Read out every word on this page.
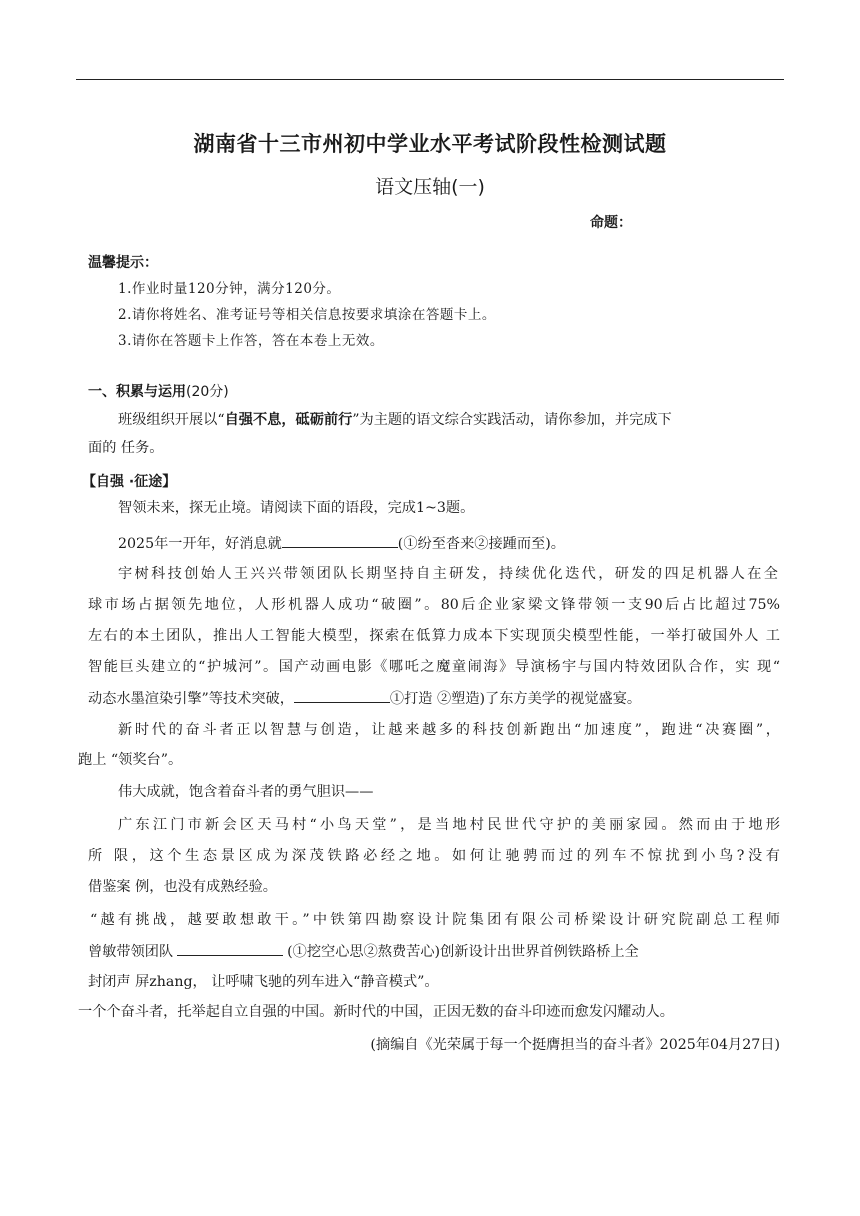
湖南省十三市州初中学业水平考试阶段性检测试题
语文压轴(一)
命题：
温馨提示：
1.作业时量120分钟，满分120分。
2.请你将姓名、准考证号等相关信息按要求填涂在答题卡上。
3.请你在答题卡上作答，答在本卷上无效。
一、积累与运用(20分)
班级组织开展以“自强不息，砥砺前行”为主题的语文综合实践活动，请你参加，并完成下
面的 任务。
【自强 ·征途】
智领未来，探无止境。请阅读下面的语段，完成1~3题。
2025年一开年，好消息就	(①纷至沓来②接踵而至)。
宇树科技创始人王兴兴带领团队长期坚持自主研发，持续优化迭代，研发的四足机器人在全
球市场占据领先地位，人形机器人成功“破圈”。80后企业家梁文锋带领一支90后占比超过75%
左右的本土团队，推出人工智能大模型，探索在低算力成本下实现顶尖模型性能，一举打破国外人 工
智能巨头建立的“护城河”。国产动画电影《哪吒之魔童闹海》导演杨宇与国内特效团队合作，实 现“
动态水墨渲染引擎”等技术突破，	①打造 ②塑造)了东方美学的视觉盛宴。
新时代的奋斗者正以智慧与创造，让越来越多的科技创新跑出“加速度”，跑进“决赛圈”，
跑上 “领奖台”。
伟大成就，饱含着奋斗者的勇气胆识——
广东江门市新会区天马村“小鸟天堂”，是当地村民世代守护的美丽家园。然而由于地形
所 限，这个生态景区成为深茂铁路必经之地。如何让驰骋而过的列车不惊扰到小鸟?没有
借鉴案 例，也没有成熟经验。
“越有挑战，越要敢想敢干。”中铁第四勘察设计院集团有限公司桥梁设计研究院副总工程师
曾敏带领团队	(①挖空心思②熬费苦心)创新设计出世界首例铁路桥上全
封闭声 屏zhang， 让呼啸飞驰的列车进入“静音模式”。
一个个奋斗者，托举起自立自强的中国。新时代的中国，正因无数的奋斗印迹而愈发闪耀动人。
(摘编自《光荣属于每一个挺膺担当的奋斗者》2025年04月27日)
